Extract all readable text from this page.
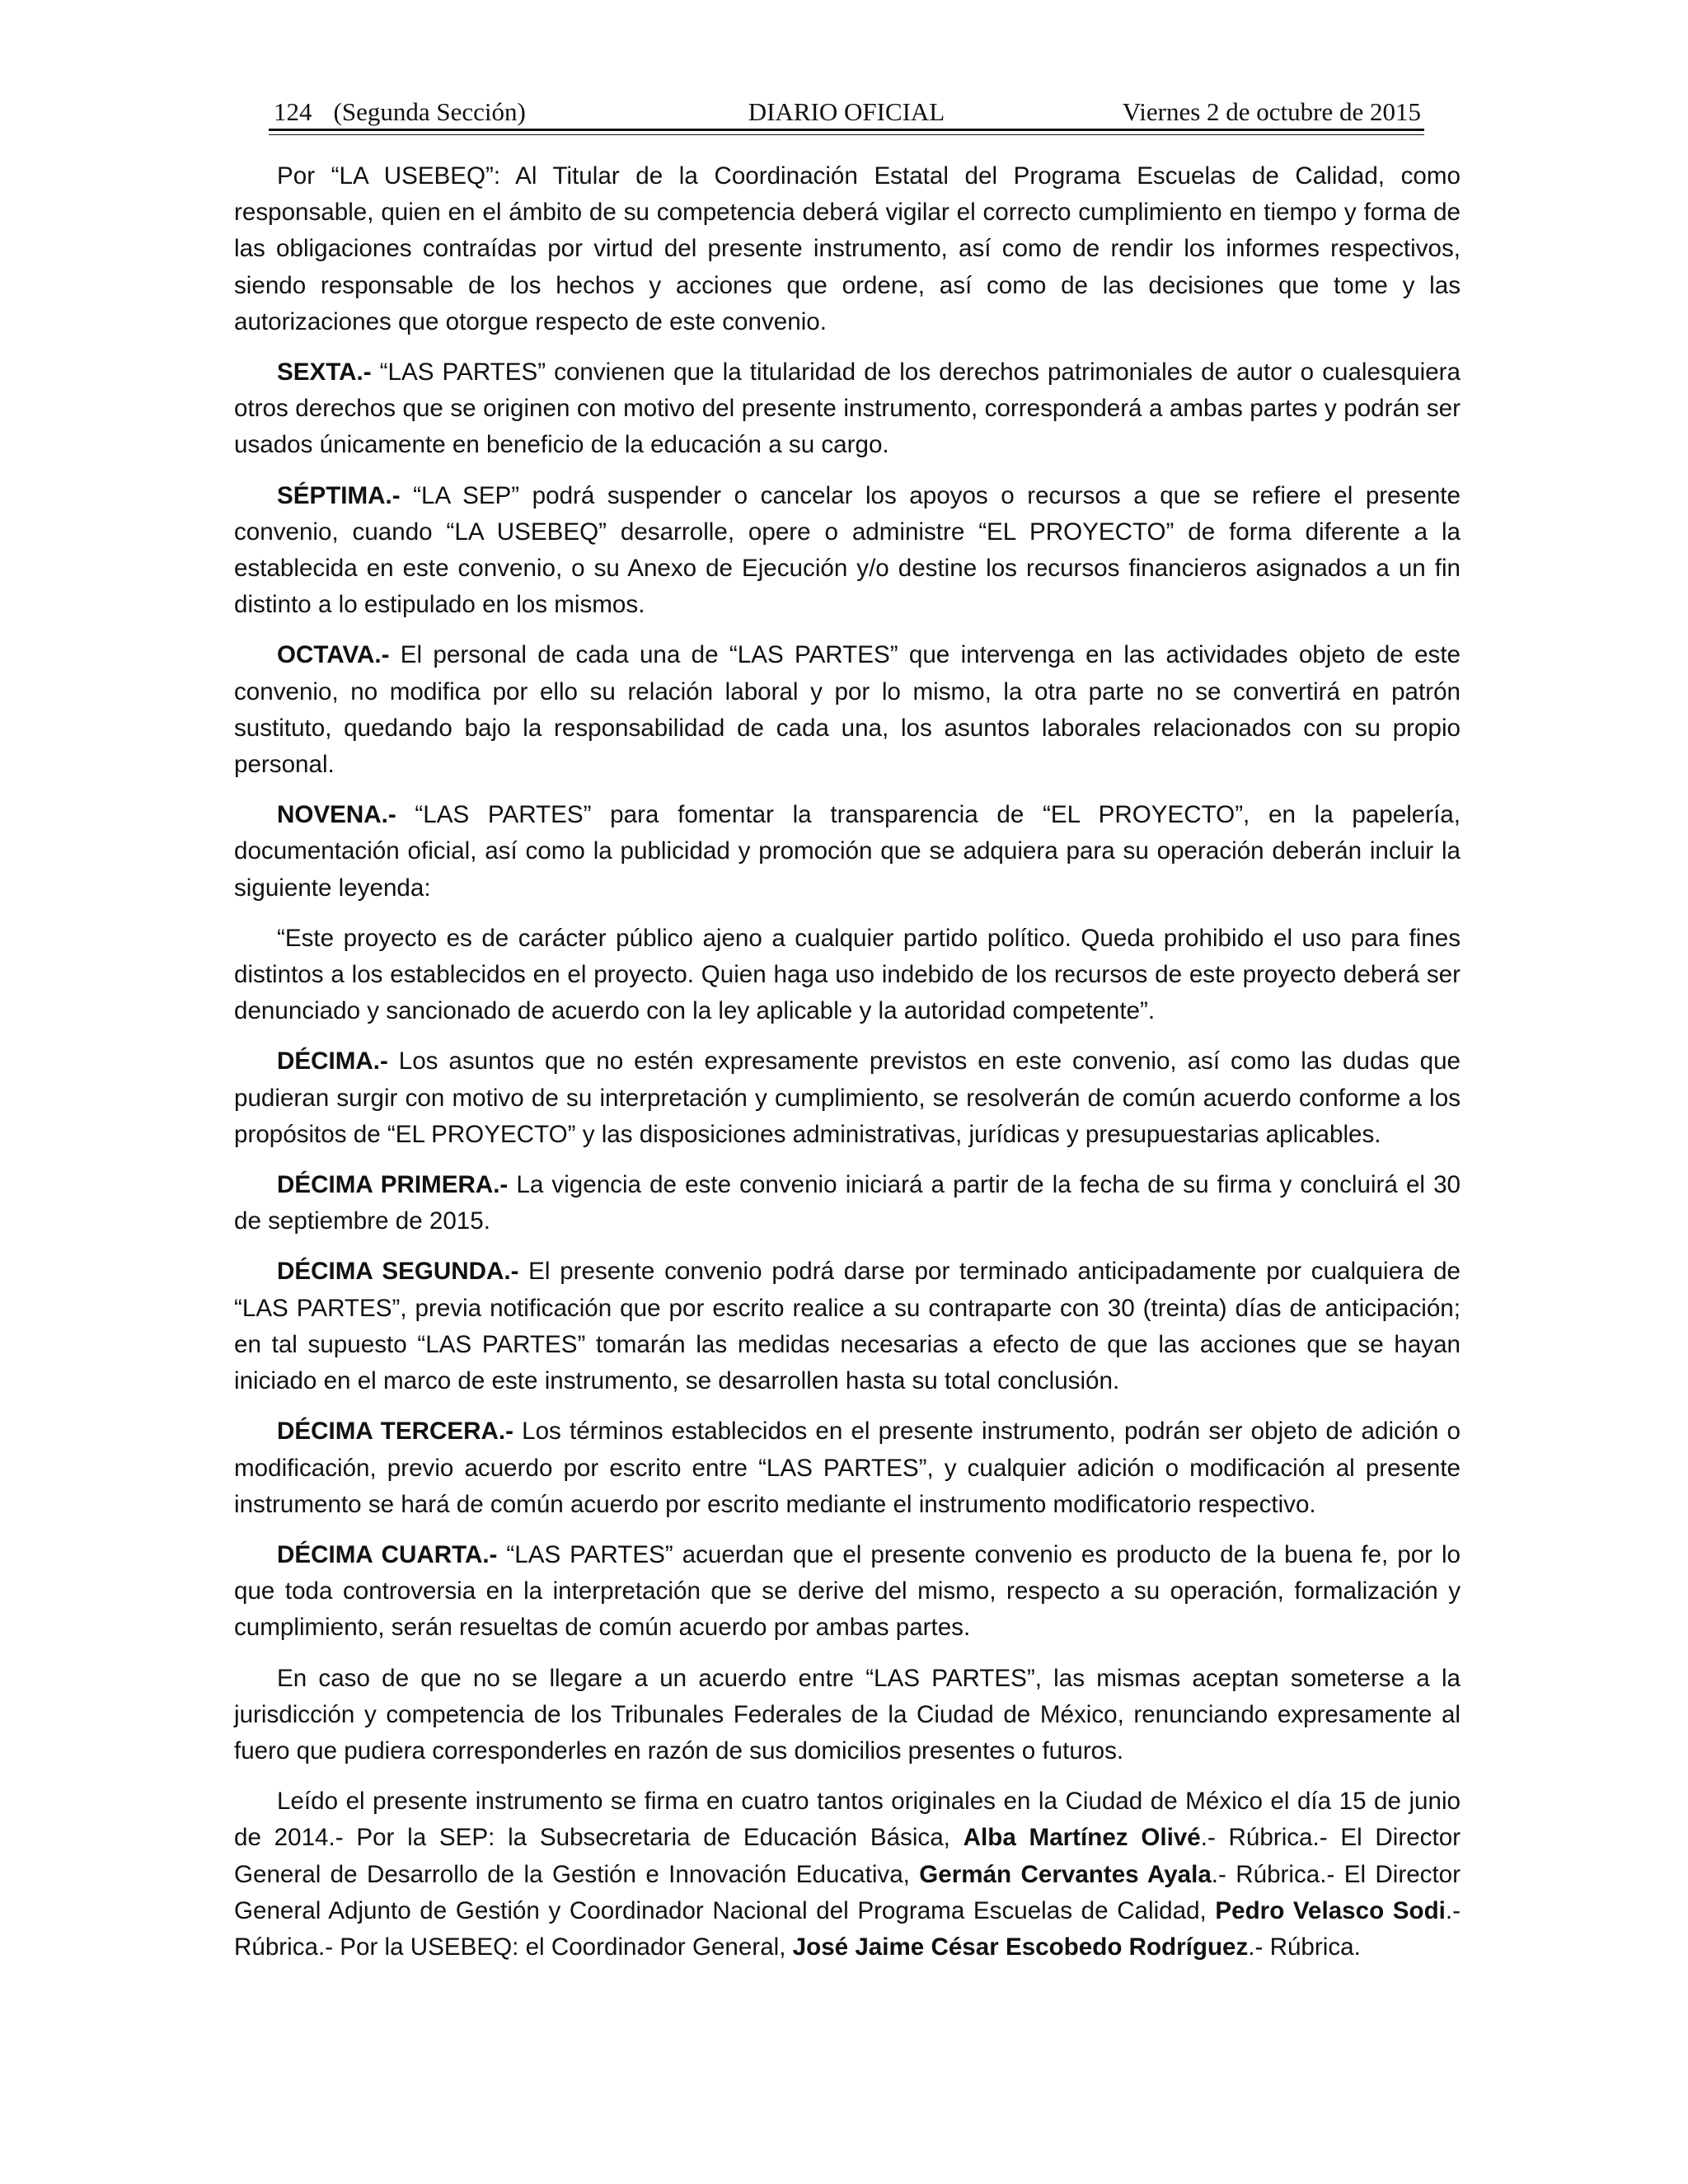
124 (Segunda Sección)	DIARIO OFICIAL	Viernes 2 de octubre de 2015

Por “LA USEBEQ”: Al Titular de la Coordinación Estatal del Programa Escuelas de Calidad, como responsable, quien en el ámbito de su competencia deberá vigilar el correcto cumplimiento en tiempo y forma de las obligaciones contraídas por virtud del presente instrumento, así como de rendir los informes respectivos, siendo responsable de los hechos y acciones que ordene, así como de las decisiones que tome y las autorizaciones que otorgue respecto de este convenio.

SEXTA.- “LAS PARTES” convienen que la titularidad de los derechos patrimoniales de autor o cualesquiera otros derechos que se originen con motivo del presente instrumento, corresponderá a ambas partes y podrán ser usados únicamente en beneficio de la educación a su cargo.

SÉPTIMA.- “LA SEP” podrá suspender o cancelar los apoyos o recursos a que se refiere el presente convenio, cuando “LA USEBEQ” desarrolle, opere o administre “EL PROYECTO” de forma diferente a la establecida en este convenio, o su Anexo de Ejecución y/o destine los recursos financieros asignados a un fin distinto a lo estipulado en los mismos.

OCTAVA.- El personal de cada una de “LAS PARTES” que intervenga en las actividades objeto de este convenio, no modifica por ello su relación laboral y por lo mismo, la otra parte no se convertirá en patrón sustituto, quedando bajo la responsabilidad de cada una, los asuntos laborales relacionados con su propio personal.

NOVENA.- “LAS PARTES” para fomentar la transparencia de “EL PROYECTO”, en la papelería, documentación oficial, así como la publicidad y promoción que se adquiera para su operación deberán incluir la siguiente leyenda:

“Este proyecto es de carácter público ajeno a cualquier partido político. Queda prohibido el uso para fines distintos a los establecidos en el proyecto. Quien haga uso indebido de los recursos de este proyecto deberá ser denunciado y sancionado de acuerdo con la ley aplicable y la autoridad competente”.

DÉCIMA.- Los asuntos que no estén expresamente previstos en este convenio, así como las dudas que pudieran surgir con motivo de su interpretación y cumplimiento, se resolverán de común acuerdo conforme a los propósitos de “EL PROYECTO” y las disposiciones administrativas, jurídicas y presupuestarias aplicables.

DÉCIMA PRIMERA.- La vigencia de este convenio iniciará a partir de la fecha de su firma y concluirá el 30 de septiembre de 2015.

DÉCIMA SEGUNDA.- El presente convenio podrá darse por terminado anticipadamente por cualquiera de “LAS PARTES”, previa notificación que por escrito realice a su contraparte con 30 (treinta) días de anticipación; en tal supuesto “LAS PARTES” tomarán las medidas necesarias a efecto de que las acciones que se hayan iniciado en el marco de este instrumento, se desarrollen hasta su total conclusión.

DÉCIMA TERCERA.- Los términos establecidos en el presente instrumento, podrán ser objeto de adición o modificación, previo acuerdo por escrito entre “LAS PARTES”, y cualquier adición o modificación al presente instrumento se hará de común acuerdo por escrito mediante el instrumento modificatorio respectivo.

DÉCIMA CUARTA.- “LAS PARTES” acuerdan que el presente convenio es producto de la buena fe, por lo que toda controversia en la interpretación que se derive del mismo, respecto a su operación, formalización y cumplimiento, serán resueltas de común acuerdo por ambas partes.

En caso de que no se llegare a un acuerdo entre “LAS PARTES”, las mismas aceptan someterse a la jurisdicción y competencia de los Tribunales Federales de la Ciudad de México, renunciando expresamente al fuero que pudiera corresponderles en razón de sus domicilios presentes o futuros.

Leído el presente instrumento se firma en cuatro tantos originales en la Ciudad de México el día 15 de junio de 2014.- Por la SEP: la Subsecretaria de Educación Básica, Alba Martínez Olivé.- Rúbrica.- El Director General de Desarrollo de la Gestión e Innovación Educativa, Germán Cervantes Ayala.- Rúbrica.- El Director General Adjunto de Gestión y Coordinador Nacional del Programa Escuelas de Calidad, Pedro Velasco Sodi.- Rúbrica.- Por la USEBEQ: el Coordinador General, José Jaime César Escobedo Rodríguez.- Rúbrica.
